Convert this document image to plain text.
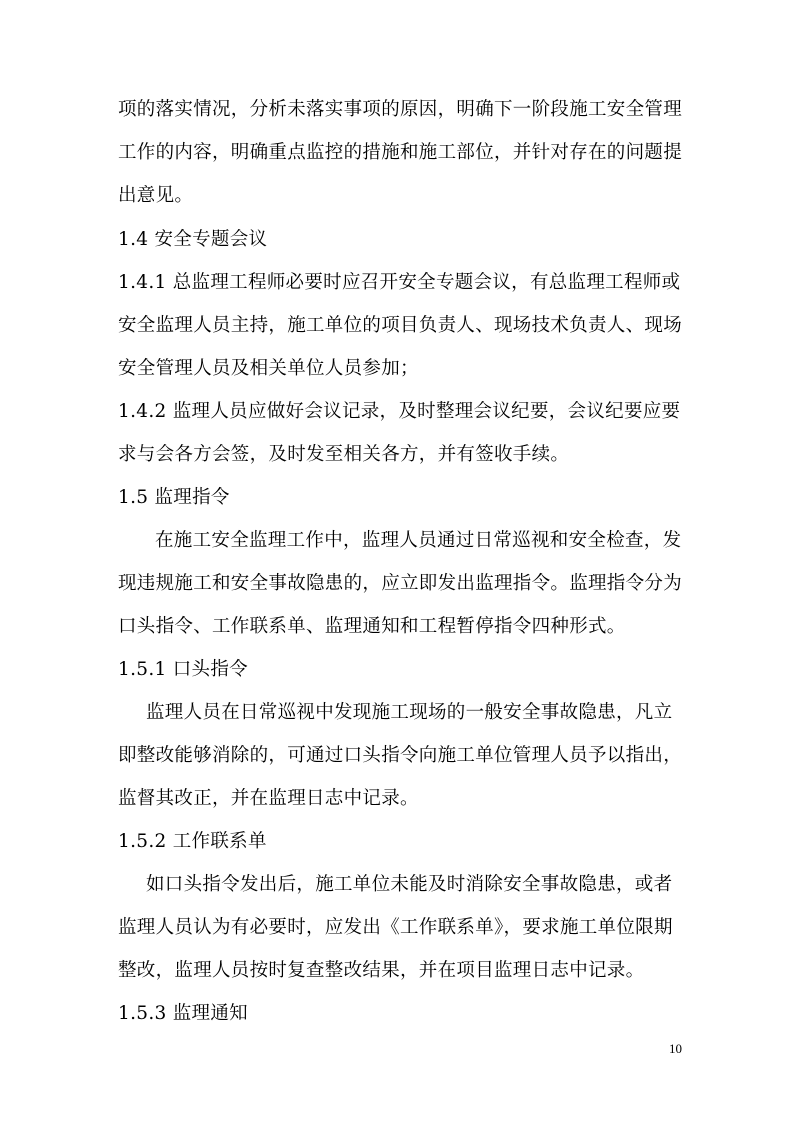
项的落实情况，分析未落实事项的原因，明确下一阶段施工安全管理
工作的内容，明确重点监控的措施和施工部位，并针对存在的问题提
出意见。
1.4 安全专题会议
1.4.1 总监理工程师必要时应召开安全专题会议，有总监理工程师或
安全监理人员主持，施工单位的项目负责人、现场技术负责人、现场
安全管理人员及相关单位人员参加；
1.4.2 监理人员应做好会议记录，及时整理会议纪要，会议纪要应要
求与会各方会签，及时发至相关各方，并有签收手续。
1.5 监理指令
在施工安全监理工作中，监理人员通过日常巡视和安全检查，发
现违规施工和安全事故隐患的，应立即发出监理指令。监理指令分为
口头指令、工作联系单、监理通知和工程暂停指令四种形式。
1.5.1 口头指令
监理人员在日常巡视中发现施工现场的一般安全事故隐患，凡立
即整改能够消除的，可通过口头指令向施工单位管理人员予以指出，
监督其改正，并在监理日志中记录。
1.5.2 工作联系单
如口头指令发出后，施工单位未能及时消除安全事故隐患，或者
监理人员认为有必要时，应发出《工作联系单》，要求施工单位限期
整改，监理人员按时复查整改结果，并在项目监理日志中记录。
1.5.3 监理通知
10
